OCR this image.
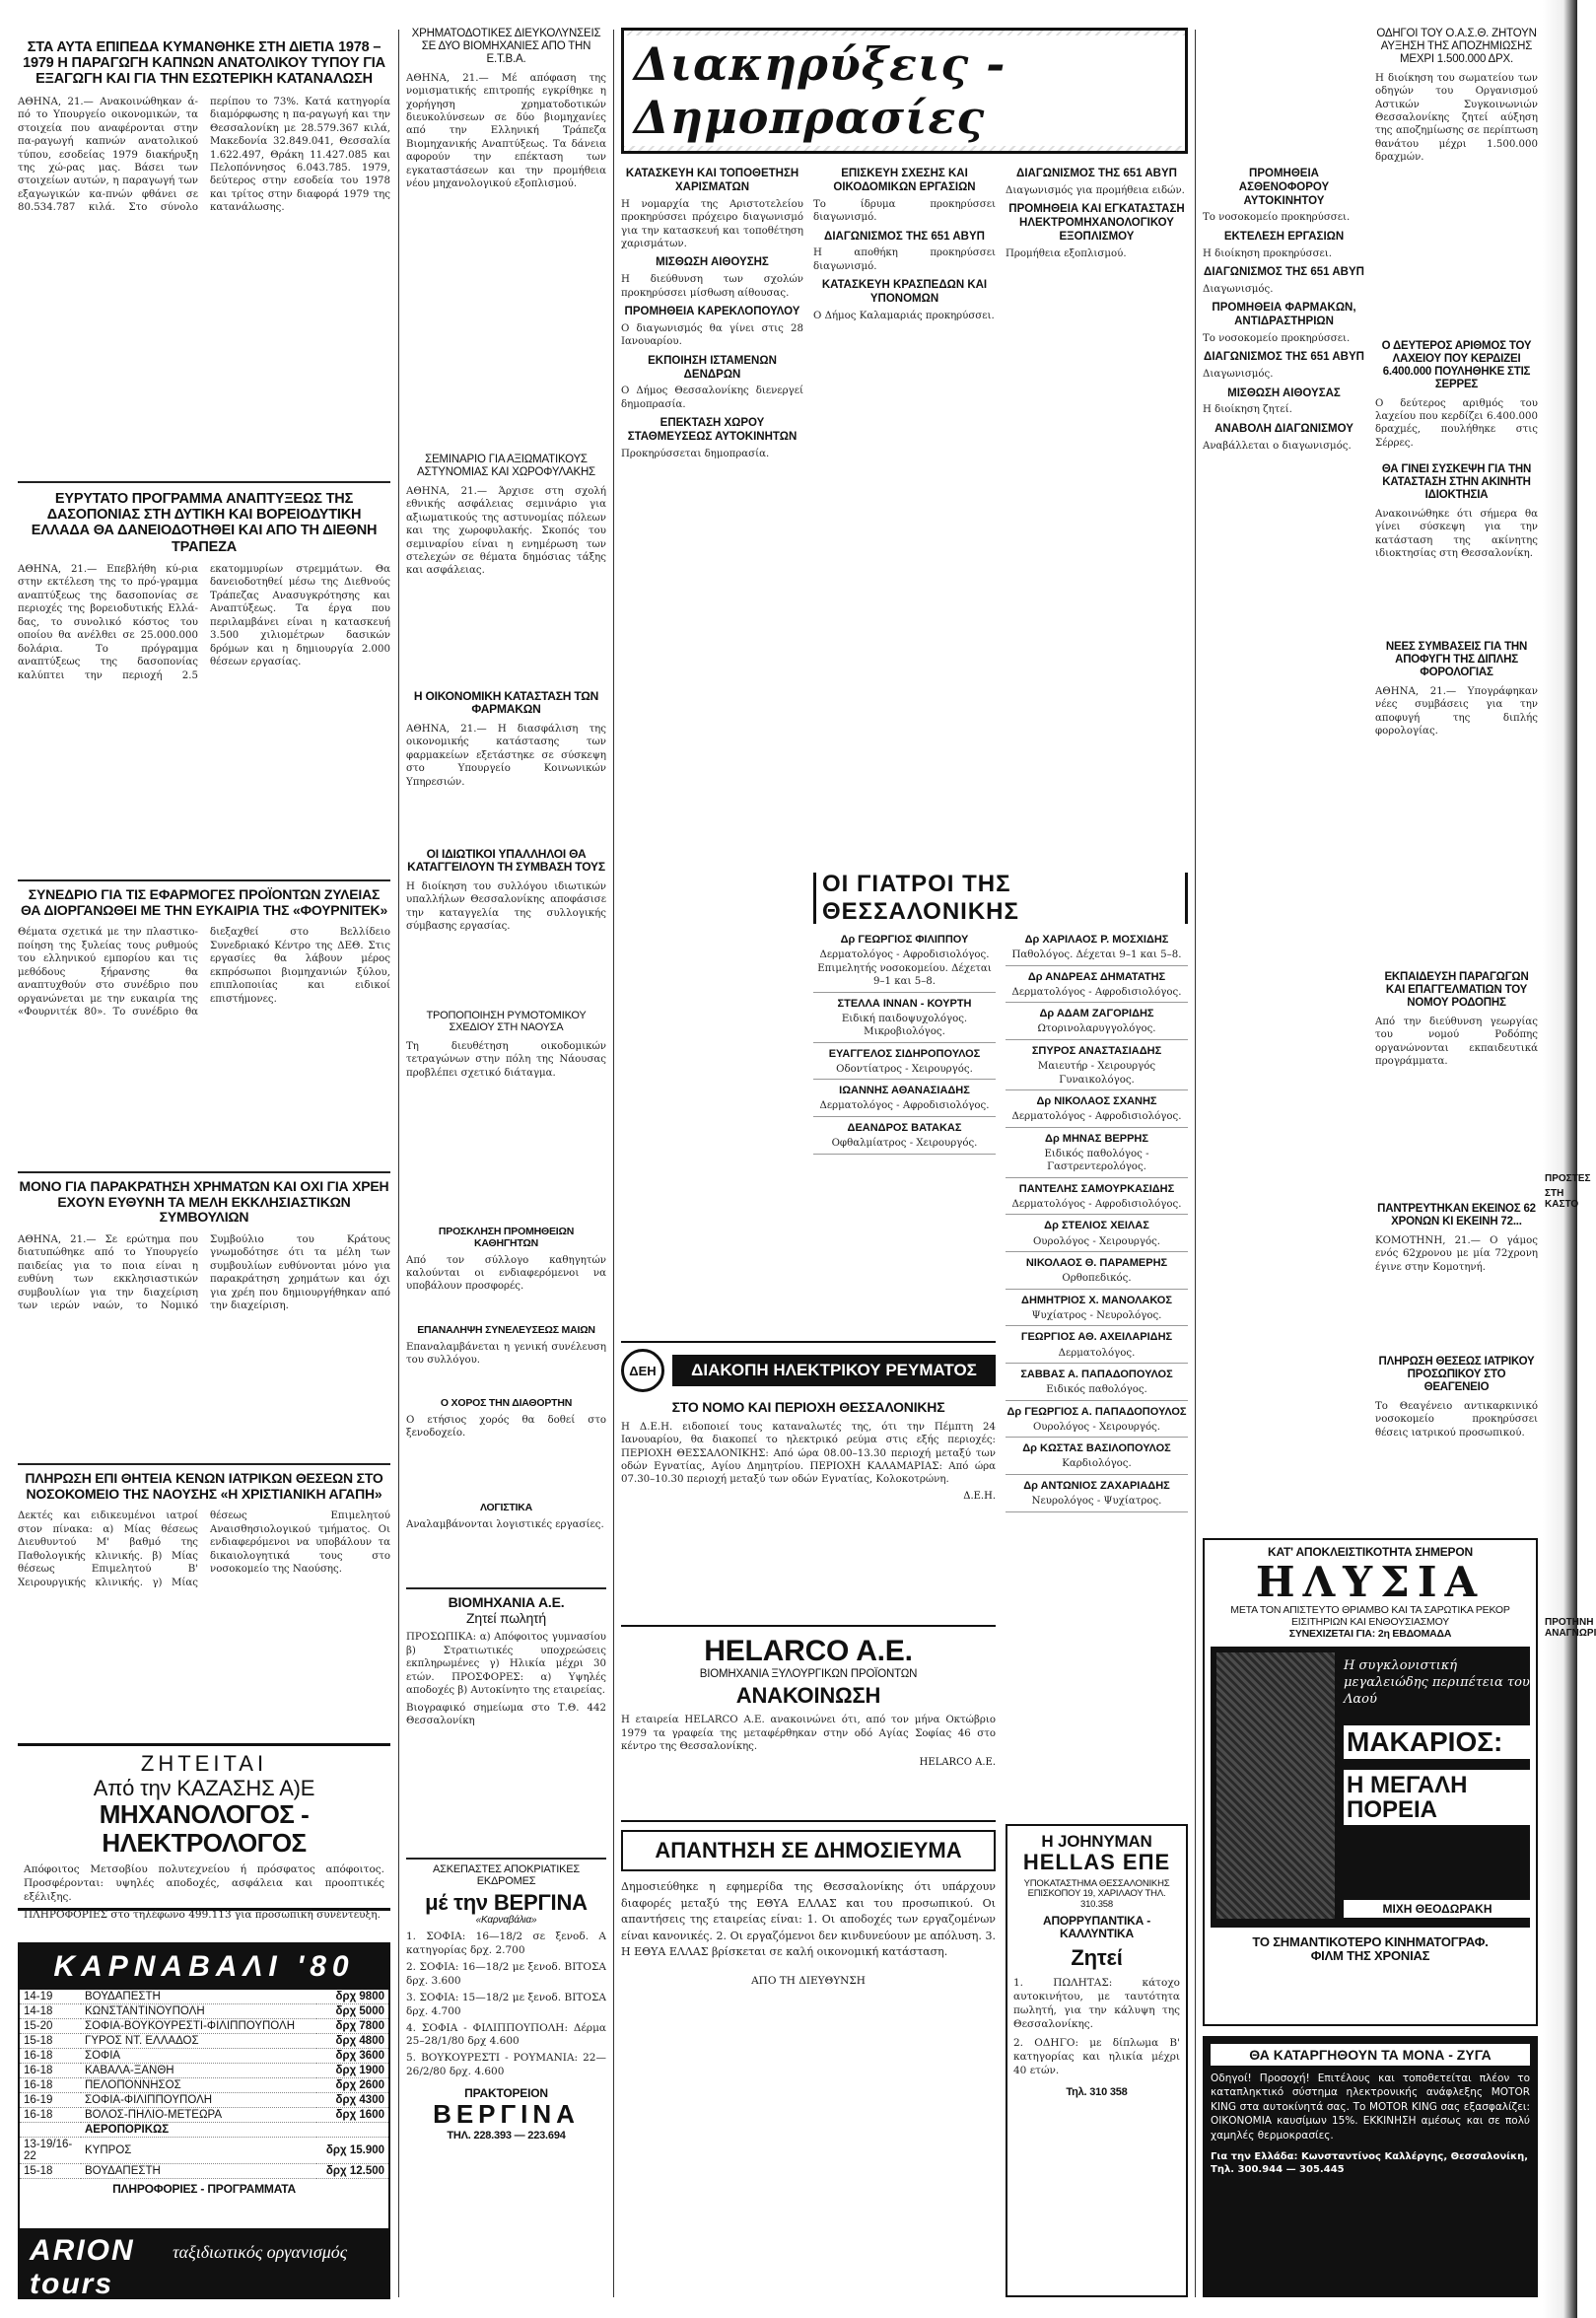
ΣΤΑ ΑΥΤΑ ΕΠΙΠΕΔΑ ΚΥΜΑΝΘΗΚΕ ΣΤΗ ΔΙΕΤΙΑ 1978 – 1979 Η ΠΑΡΑΓΩΓΗ ΚΑΠΝΩΝ ΑΝΑΤΟΛΙΚΟΥ ΤΥΠΟΥ ΓΙΑ ΕΞΑΓΩΓΗ ΚΑΙ ΓΙΑ ΤΗΝ ΕΣΩΤΕΡΙΚΗ ΚΑΤΑΝΑΛΩΣΗ
ΑΘΗΝΑ, 21.— Ανακοινώθηκαν ά-πό το Υπουργείο οικονομικών, τα στοιχεία που αναφέρονται στην πα-ραγωγή καπνών ανατολικού τύπου, εσοδείας 1979 διακήρυξη της χώ-ρας μας. Βάσει των στοιχείων αυτών, η παραγωγή των εξαγωγικών κα-πνών φθάνει σε 80.534.787 κιλά. Στο σύνολο περίπου το 73%. Κατά κατηγορία διαμόρφωσης η πα-ραγωγή και την Θεσσαλονίκη με 28.579.367 κιλά, Μακεδονία 32.849.041, Θεσσαλία 1.622.497, Θράκη 11.427.085 και Πελοπόννησος 6.043.785. 1979, δεύτερος στην εσοδεία του 1978 και τρίτος στην διαφορά 1979 της κατανάλωσης.
ΕΥΡΥΤΑΤΟ ΠΡΟΓΡΑΜΜΑ ΑΝΑΠΤΥΞΕΩΣ ΤΗΣ ΔΑΣΟΠΟΝΙΑΣ ΣΤΗ ΔΥΤΙΚΗ ΚΑΙ ΒΟΡΕΙΟΔΥΤΙΚΗ ΕΛΛΑΔΑ ΘΑ ΔΑΝΕΙΟΔΟΤΗΘΕΙ ΚΑΙ ΑΠΟ ΤΗ ΔΙΕΘΝΗ ΤΡΑΠΕΖΑ
ΑΘΗΝΑ, 21.— Επεβλήθη κύ-ρια στην εκτέλεση της το πρό-γραμμα αναπτύξεως της δασοπονίας σε περιοχές της βορειοδυτικής Ελλά-δας, το συνολικό κόστος του οποίου θα ανέλθει σε 25.000.000 δολάρια. Το πρόγραμμα αναπτύξεως της δασοπονίας καλύπτει την περιοχή 2.5 εκατομμυρίων στρεμμάτων. Θα δανειοδοτηθεί μέσω της Διεθνούς Τράπεζας Ανασυγκρότησης και Αναπτύξεως. Τα έργα που περιλαμβάνει είναι η κατασκευή 3.500 χιλιομέτρων δασικών δρόμων και η δημιουργία 2.000 θέσεων εργασίας.
ΣΥΝΕΔΡΙΟ ΓΙΑ ΤΙΣ ΕΦΑΡΜΟΓΕΣ ΠΡΟΪΟΝΤΩΝ ΖΥΛΕΙΑΣ ΘΑ ΔΙΟΡΓΑΝΩΘΕΙ ΜΕ ΤΗΝ ΕΥΚΑΙΡΙΑ ΤΗΣ «ΦΟΥΡΝΙΤΕΚ»
Θέματα σχετικά με την πλαστικο-ποίηση της ξυλείας τους ρυθμούς του ελληνικού εμπορίου και τις μεθόδους ξήρανσης θα αναπτυχθούν στο συνέδριο που οργανώνεται με την ευκαιρία της «Φουρνιτέκ 80». Το συνέδριο θα διεξαχθεί στο Βελλίδειο Συνεδριακό Κέντρο της ΔΕΘ. Στις εργασίες θα λάβουν μέρος εκπρόσωποι βιομηχανιών ξύλου, επιπλοποιίας και ειδικοί επιστήμονες.
ΜΟΝΟ ΓΙΑ ΠΑΡΑΚΡΑΤΗΣΗ ΧΡΗΜΑΤΩΝ ΚΑΙ ΟΧΙ ΓΙΑ ΧΡΕΗ ΕΧΟΥΝ ΕΥΘΥΝΗ ΤΑ ΜΕΛΗ ΕΚΚΛΗΣΙΑΣΤΙΚΩΝ ΣΥΜΒΟΥΛΙΩΝ
ΑΘΗΝΑ, 21.— Σε ερώτημα που διατυπώθηκε από το Υπουργείο παιδείας για το ποια είναι η ευθύνη των εκκλησιαστικών συμβουλίων για την διαχείριση των ιερών ναών, το Νομικό Συμβούλιο του Κράτους γνωμοδότησε ότι τα μέλη των συμβουλίων ευθύνονται μόνο για παρακράτηση χρημάτων και όχι για χρέη που δημιουργήθηκαν από την διαχείριση.
ΠΛΗΡΩΣΗ ΕΠΙ ΘΗΤΕΙΑ ΚΕΝΩΝ ΙΑΤΡΙΚΩΝ ΘΕΣΕΩΝ ΣΤΟ ΝΟΣΟΚΟΜΕΙΟ ΤΗΣ ΝΑΟΥΣΗΣ «Η ΧΡΙΣΤΙΑΝΙΚΗ ΑΓΑΠΗ»
Δεκτές και ειδικευμένοι ιατροί στον πίνακα: α) Μίας θέσεως Διευθυντού Μ' βαθμό της Παθολογικής κλινικής. β) Μίας θέσεως Επιμελητού Β' Χειρουργικής κλινικής. γ) Μίας θέσεως Επιμελητού Αναισθησιολογικού τμήματος. Οι ενδιαφερόμενοι να υποβάλουν τα δικαιολογητικά τους στο νοσοκομείο της Ναούσης.
ΖΗΤΕΙΤΑΙ
Από την ΚΑΖΑΣΗΣ Α)Ε
ΜΗΧΑΝΟΛΟΓΟΣ - ΗΛΕΚΤΡΟΛΟΓΟΣ
Απόφοιτος Μετσοβίου πολυτεχνείου ή πρόσφατος απόφοιτος. Προσφέρονται: υψηλές αποδοχές, ασφάλεια και προοπτικές εξέλιξης.
ΠΛΗΡΟΦΟΡΙΕΣ στο τηλέφωνο 499.113 για προσωπική συνέντευξη.
ΚΑΡΝΑΒΑΛΙ '80
14-19	ΒΟΥΔΑΠΕΣΤΗ	δρχ 9800
14-18	ΚΩΝΣΤΑΝΤΙΝΟΥΠΟΛΗ	δρχ 5000
15-20	ΣΟΦΙΑ-ΒΟΥΚΟΥΡΕΣΤΙ-ΦΙΛΙΠΠΟΥΠΟΛΗ	δρχ 7800
15-18	ΓΥΡΟΣ ΝΤ. ΕΛΛΑΔΟΣ	δρχ 4800
16-18	ΣΟΦΙΑ	δρχ 3600
16-18	ΚΑΒΑΛΑ-ΞΑΝΘΗ	δρχ 1900
16-18	ΠΕΛΟΠΟΝΝΗΣΟΣ	δρχ 2600
16-19	ΣΟΦΙΑ-ΦΙΛΙΠΠΟΥΠΟΛΗ	δρχ 4300
16-18	ΒΟΛΟΣ-ΠΗΛΙΟ-ΜΕΤΕΩΡΑ	δρχ 1600
	ΑΕΡΟΠΟΡΙΚΩΣ	
13-19/16-22	ΚΥΠΡΟΣ	δρχ 15.900
15-18	ΒΟΥΔΑΠΕΣΤΗ	δρχ 12.500
ΠΛΗΡΟΦΟΡΙΕΣ - ΠΡΟΓΡΑΜΜΑΤΑ
ARION tours ταξιδιωτικός οργανισμός
ΑΡΙΣΤΟΤΕΛΟΥΣ 6, ΘΕΣΣΑΛΟΝΙΚΗ - ΤΗΛ. 273145 - 206.670
ΧΡΗΜΑΤΟΔΟΤΙΚΕΣ ΔΙΕΥΚΟΛΥΝΣΕΙΣ ΣΕ ΔΥΟ ΒΙΟΜΗΧΑΝΙΕΣ ΑΠΟ ΤΗΝ Ε.Τ.Β.Α.
ΑΘΗΝΑ, 21.— Μέ απόφαση της νομισματικής επιτροπής εγκρίθηκε η χορήγηση χρηματοδοτικών διευκολύνσεων σε δύο βιομηχανίες από την Ελληνική Τράπεζα Βιομηχανικής Αναπτύξεως. Τα δάνεια αφορούν την επέκταση των εγκαταστάσεων και την προμήθεια νέου μηχανολογικού εξοπλισμού.
ΣΕΜΙΝΑΡΙΟ ΓΙΑ ΑΞΙΩΜΑΤΙΚΟΥΣ ΑΣΤΥΝΟΜΙΑΣ ΚΑΙ ΧΩΡΟΦΥΛΑΚΗΣ
ΑΘΗΝΑ, 21.— Άρχισε στη σχολή εθνικής ασφάλειας σεμινάριο για αξιωματικούς της αστυνομίας πόλεων και της χωροφυλακής. Σκοπός του σεμιναρίου είναι η ενημέρωση των στελεχών σε θέματα δημόσιας τάξης και ασφάλειας.
Η ΟΙΚΟΝΟΜΙΚΗ ΚΑΤΑΣΤΑΣΗ ΤΩΝ ΦΑΡΜΑΚΩΝ
ΑΘΗΝΑ, 21.— Η διασφάλιση της οικονομικής κατάστασης των φαρμακείων εξετάστηκε σε σύσκεψη στο Υπουργείο Κοινωνικών Υπηρεσιών.
ΟΙ ΙΔΙΩΤΙΚΟΙ ΥΠΑΛΛΗΛΟΙ ΘΑ ΚΑΤΑΓΓΕΙΛΟΥΝ ΤΗ ΣΥΜΒΑΣΗ ΤΟΥΣ
Η διοίκηση του συλλόγου ιδιωτικών υπαλλήλων Θεσσαλονίκης αποφάσισε την καταγγελία της συλλογικής σύμβασης εργασίας.
ΤΡΟΠΟΠΟΙΗΣΗ ΡΥΜΟΤΟΜΙΚΟΥ ΣΧΕΔΙΟΥ ΣΤΗ ΝΑΟΥΣΑ
Τη διευθέτηση οικοδομικών τετραγώνων στην πόλη της Νάουσας προβλέπει σχετικό διάταγμα.
ΠΡΟΣΚΛΗΣΗ ΠΡΟΜΗΘΕΙΩΝ ΚΑΘΗΓΗΤΩΝ
Από τον σύλλογο καθηγητών καλούνται οι ενδιαφερόμενοι να υποβάλουν προσφορές.
ΕΠΑΝΑΛΗΨΗ ΣΥΝΕΛΕΥΣΕΩΣ ΜΑΙΩΝ
Επαναλαμβάνεται η γενική συνέλευση του συλλόγου.
Ο ΧΟΡΟΣ ΤΗΝ ΔΙΑΘΟΡΤΗΝ
Ο ετήσιος χορός θα δοθεί στο ξενοδοχείο.
ΛΟΓΙΣΤΙΚΑ
Αναλαμβάνονται λογιστικές εργασίες.
ΒΙΟΜΗΧΑΝΙΑ Α.Ε.
Ζητεί πωλητή
ΠΡΟΣΩΠΙΚΑ: α) Απόφοιτος γυμνασίου β) Στρατιωτικές υποχρεώσεις εκπληρωμένες γ) Ηλικία μέχρι 30 ετών. ΠΡΟΣΦΟΡΕΣ: α) Υψηλές αποδοχές β) Αυτοκίνητο της εταιρείας.
Βιογραφικό σημείωμα στο Τ.Θ. 442 Θεσσαλονίκη
ΑΣΚΕΠΑΣΤΕΣ ΑΠΟΚΡΙΑΤΙΚΕΣ ΕΚΔΡΟΜΕΣ
μέ την ΒΕΡΓΙΝΑ
«Καρναβάλια»
1. ΣΟΦΙΑ: 16—18/2 σε ξενοδ. Α κατηγορίας δρχ. 2.700
2. ΣΟΦΙΑ: 16—18/2 με ξενοδ. ΒΙΤΟΣΑ δρχ. 3.600
3. ΣΟΦΙΑ: 15—18/2 με ξενοδ. ΒΙΤΟΣΑ δρχ. 4.700
4. ΣΟΦΙΑ - ΦΙΛΙΠΠΟΥΠΟΛΗ: Δέρμα 25–28/1/80 δρχ 4.600
5. ΒΟΥΚΟΥΡΕΣΤΙ - ΡΟΥΜΑΝΙΑ: 22—26/2/80 δρχ. 4.600
ΠΡΑΚΤΟΡΕΙΟΝ
ΒΕΡΓΙΝΑ
ΤΗΛ. 228.393 — 223.694
Διακηρύξεις - Δημοπρασίες
ΚΑΤΑΣΚΕΥΗ ΚΑΙ ΤΟΠΟΘΕΤΗΣΗ ΧΑΡΙΣΜΑΤΩΝ
Η νομαρχία της Αριστοτελείου προκηρύσσει πρόχειρο διαγωνισμό για την κατασκευή και τοποθέτηση χαρισμάτων.
ΜΙΣΘΩΣΗ ΑΙΘΟΥΣΗΣ
Η διεύθυνση των σχολών προκηρύσσει μίσθωση αίθουσας.
ΠΡΟΜΗΘΕΙΑ ΚΑΡΕΚΛΟΠΟΥΛΟΥ
Ο διαγωνισμός θα γίνει στις 28 Ιανουαρίου.
ΕΚΠΟΙΗΣΗ ΙΣΤΑΜΕΝΩΝ ΔΕΝΔΡΩΝ
Ο Δήμος Θεσσαλονίκης διενεργεί δημοπρασία.
ΕΠΕΚΤΑΣΗ ΧΩΡΟΥ ΣΤΑΘΜΕΥΣΕΩΣ ΑΥΤΟΚΙΝΗΤΩΝ
Προκηρύσσεται δημοπρασία.
ΕΠΙΣΚΕΥΗ ΣΧΕΣΗΣ ΚΑΙ ΟΙΚΟΔΟΜΙΚΩΝ ΕΡΓΑΣΙΩΝ
Το ίδρυμα προκηρύσσει διαγωνισμό.
ΔΙΑΓΩΝΙΣΜΟΣ ΤΗΣ 651 ΑΒΥΠ
Η αποθήκη προκηρύσσει διαγωνισμό.
ΚΑΤΑΣΚΕΥΗ ΚΡΑΣΠΕΔΩΝ ΚΑΙ ΥΠΟΝΟΜΩΝ
Ο Δήμος Καλαμαριάς προκηρύσσει.
ΔΙΑΓΩΝΙΣΜΟΣ ΤΗΣ 651 ΑΒΥΠ
Διαγωνισμός για προμήθεια ειδών.
ΠΡΟΜΗΘΕΙΑ ΚΑΙ ΕΓΚΑΤΑΣΤΑΣΗ ΗΛΕΚΤΡΟΜΗΧΑΝΟΛΟΓΙΚΟΥ ΕΞΟΠΛΙΣΜΟΥ
Προμήθεια εξοπλισμού.
ΟΙ ΓΙΑΤΡΟΙ ΤΗΣ ΘΕΣΣΑΛΟΝΙΚΗΣ
Δρ ΓΕΩΡΓΙΟΣ ΦΙΛΙΠΠΟΥ
Δερματολόγος - Αφροδισιολόγος. Επιμελητής νοσοκομείου. Δέχεται 9–1 και 5–8.
ΣΤΕΛΛΑ ΙΝΝΑΝ - ΚΟΥΡΤΗ
Ειδική παιδοψυχολόγος. Μικροβιολόγος.
ΕΥΑΓΓΕΛΟΣ ΣΙΔΗΡΟΠΟΥΛΟΣ
Οδοντίατρος - Χειρουργός.
ΙΩΑΝΝΗΣ ΑΘΑΝΑΣΙΑΔΗΣ
Δερματολόγος - Αφροδισιολόγος.
ΔΕΑΝΔΡΟΣ ΒΑΤΑΚΑΣ
Οφθαλμίατρος - Χειρουργός.
Δρ ΧΑΡΙΛΑΟΣ Ρ. ΜΟΣΧΙΔΗΣ
Παθολόγος. Δέχεται 9–1 και 5–8.
Δρ ΑΝΔΡΕΑΣ ΔΗΜΑΤΑΤΗΣ
Δερματολόγος - Αφροδισιολόγος.
Δρ ΑΔΑΜ ΖΑΓΟΡΙΔΗΣ
Ωτορινολαρυγγολόγος.
ΣΠΥΡΟΣ ΑΝΑΣΤΑΣΙΑΔΗΣ
Μαιευτήρ - Χειρουργός Γυναικολόγος.
Δρ ΝΙΚΟΛΑΟΣ ΣΧΑΝΗΣ
Δερματολόγος - Αφροδισιολόγος.
Δρ ΜΗΝΑΣ ΒΕΡΡΗΣ
Ειδικός παθολόγος - Γαστρεντερολόγος.
ΠΑΝΤΕΛΗΣ ΣΑΜΟΥΡΚΑΣΙΔΗΣ
Δερματολόγος - Αφροδισιολόγος.
Δρ ΣΤΕΛΙΟΣ ΧΕΙΛΑΣ
Ουρολόγος - Χειρουργός.
ΝΙΚΟΛΑΟΣ Θ. ΠΑΡΑΜΕΡΗΣ
Ορθοπεδικός.
ΔΗΜΗΤΡΙΟΣ Χ. ΜΑΝΟΛΑΚΟΣ
Ψυχίατρος - Νευρολόγος.
ΓΕΩΡΓΙΟΣ ΑΘ. ΑΧΕΙΛΑΡΙΔΗΣ
Δερματολόγος.
ΣΑΒΒΑΣ Α. ΠΑΠΑΔΟΠΟΥΛΟΣ
Ειδικός παθολόγος.
Δρ ΓΕΩΡΓΙΟΣ Α. ΠΑΠΑΔΟΠΟΥΛΟΣ
Ουρολόγος - Χειρουργός.
Δρ ΚΩΣΤΑΣ ΒΑΣΙΛΟΠΟΥΛΟΣ
Καρδιολόγος.
Δρ ΑΝΤΩΝΙΟΣ ΖΑΧΑΡΙΑΔΗΣ
Νευρολόγος - Ψυχίατρος.
ΔΕΗ	ΔΙΑΚΟΠΗ ΗΛΕΚΤΡΙΚΟΥ ΡΕΥΜΑΤΟΣ
ΣΤΟ ΝΟΜΟ ΚΑΙ ΠΕΡΙΟΧΗ ΘΕΣΣΑΛΟΝΙΚΗΣ
Η Δ.Ε.Η. ειδοποιεί τους καταναλωτές της, ότι την Πέμπτη 24 Ιανουαρίου, θα διακοπεί το ηλεκτρικό ρεύμα στις εξής περιοχές: ΠΕΡΙΟΧΗ ΘΕΣΣΑΛΟΝΙΚΗΣ: Από ώρα 08.00–13.30 περιοχή μεταξύ των οδών Εγνατίας, Αγίου Δημητρίου. ΠΕΡΙΟΧΗ ΚΑΛΑΜΑΡΙΑΣ: Από ώρα 07.30–10.30 περιοχή μεταξύ των οδών Εγνατίας, Κολοκοτρώνη.
Δ.Ε.Η.
HELARCO A.E.
ΒΙΟΜΗΧΑΝΙΑ ΞΥΛΟΥΡΓΙΚΩΝ ΠΡΟΪΟΝΤΩΝ
ΑΝΑΚΟΙΝΩΣΗ
Η εταιρεία HELARCO A.E. ανακοινώνει ότι, από τον μήνα Οκτώβριο 1979 τα γραφεία της μεταφέρθηκαν στην οδό Αγίας Σοφίας 46 στο κέντρο της Θεσσαλονίκης.
HELARCO A.E.
ΑΠΑΝΤΗΣΗ ΣΕ ΔΗΜΟΣΙΕΥΜΑ
Δημοσιεύθηκε η εφημερίδα της Θεσσαλονίκης ότι υπάρχουν διαφορές μεταξύ της ΕΘΥΑ ΕΛΛΑΣ και του προσωπικού. Οι απαντήσεις της εταιρείας είναι: 1. Οι αποδοχές των εργαζομένων είναι κανονικές. 2. Οι εργαζόμενοι δεν κινδυνεύουν με απόλυση. 3. Η ΕΘΥΑ ΕΛΛΑΣ βρίσκεται σε καλή οικονομική κατάσταση.
ΑΠΟ ΤΗ ΔΙΕΥΘΥΝΣΗ
Η JOHNYMAN
HELLAS ΕΠΕ
ΥΠΟΚΑΤΑΣΤΗΜΑ ΘΕΣΣΑΛΟΝΙΚΗΣ ΕΠΙΣΚΟΠΟΥ 19, ΧΑΡΙΛΑΟΥ ΤΗΛ. 310.358
ΑΠΟΡΡΥΠΑΝΤΙΚΑ - ΚΑΛΛΥΝΤΙΚΑ
Ζητεί
1. ΠΩΛΗΤΑΣ: κάτοχο αυτοκινήτου, με ταυτότητα πωλητή, για την κάλυψη της Θεσσαλονίκης.
2. ΟΔΗΓΟ: με δίπλωμα Β' κατηγορίας και ηλικία μέχρι 40 ετών.
Τηλ. 310 358
ΠΡΟΜΗΘΕΙΑ ΑΣΘΕΝΟΦΟΡΟΥ ΑΥΤΟΚΙΝΗΤΟΥ
Το νοσοκομείο προκηρύσσει.
ΕΚΤΕΛΕΣΗ ΕΡΓΑΣΙΩΝ
Η διοίκηση προκηρύσσει.
ΔΙΑΓΩΝΙΣΜΟΣ ΤΗΣ 651 ΑΒΥΠ
Διαγωνισμός.
ΠΡΟΜΗΘΕΙΑ ΦΑΡΜΑΚΩΝ, ΑΝΤΙΔΡΑΣΤΗΡΙΩΝ
Το νοσοκομείο προκηρύσσει.
ΔΙΑΓΩΝΙΣΜΟΣ ΤΗΣ 651 ΑΒΥΠ
Διαγωνισμός.
ΜΙΣΘΩΣΗ ΑΙΘΟΥΣΑΣ
Η διοίκηση ζητεί.
ΑΝΑΒΟΛΗ ΔΙΑΓΩΝΙΣΜΟΥ
Αναβάλλεται ο διαγωνισμός.
ΟΔΗΓΟΙ ΤΟΥ Ο.Α.Σ.Θ. ΖΗΤΟΥΝ ΑΥΞΗΣΗ ΤΗΣ ΑΠΟΖΗΜΙΩΣΗΣ ΜΕΧΡΙ 1.500.000 ΔΡΧ.
Η διοίκηση του σωματείου των οδηγών του Οργανισμού Αστικών Συγκοινωνιών Θεσσαλονίκης ζητεί αύξηση της αποζημίωσης σε περίπτωση θανάτου μέχρι 1.500.000 δραχμών.
Ο ΔΕΥΤΕΡΟΣ ΑΡΙΘΜΟΣ ΤΟΥ ΛΑΧΕΙΟΥ ΠΟΥ ΚΕΡΔΙΖΕΙ 6.400.000 ΠΟΥΛΗΘΗΚΕ ΣΤΙΣ ΣΕΡΡΕΣ
Ο δεύτερος αριθμός του λαχείου που κερδίζει 6.400.000 δραχμές, πουλήθηκε στις Σέρρες.
ΘΑ ΓΙΝΕΙ ΣΥΣΚΕΨΗ ΓΙΑ ΤΗΝ ΚΑΤΑΣΤΑΣΗ ΣΤΗΝ ΑΚΙΝΗΤΗ ΙΔΙΟΚΤΗΣΙΑ
Ανακοινώθηκε ότι σήμερα θα γίνει σύσκεψη για την κατάσταση της ακίνητης ιδιοκτησίας στη Θεσσαλονίκη.
ΝΕΕΣ ΣΥΜΒΑΣΕΙΣ ΓΙΑ ΤΗΝ ΑΠΟΦΥΓΗ ΤΗΣ ΔΙΠΛΗΣ ΦΟΡΟΛΟΓΙΑΣ
ΑΘΗΝΑ, 21.— Υπογράφηκαν νέες συμβάσεις για την αποφυγή της διπλής φορολογίας.
ΕΚΠΑΙΔΕΥΣΗ ΠΑΡΑΓΩΓΩΝ ΚΑΙ ΕΠΑΓΓΕΛΜΑΤΙΩΝ ΤΟΥ ΝΟΜΟΥ ΡΟΔΟΠΗΣ
Από την διεύθυνση γεωργίας του νομού Ροδόπης οργανώνονται εκπαιδευτικά προγράμματα.
ΠΑΝΤΡΕΥΤΗΚΑΝ ΕΚΕΙΝΟΣ 62 ΧΡΟΝΩΝ ΚΙ ΕΚΕΙΝΗ 72...
ΚΟΜΟΤΗΝΗ, 21.— Ο γάμος ενός 62χρονου με μία 72χρονη έγινε στην Κομοτηνή.
ΠΛΗΡΩΣΗ ΘΕΣΕΩΣ ΙΑΤΡΙΚΟΥ ΠΡΟΣΩΠΙΚΟΥ ΣΤΟ ΘΕΑΓΕΝΕΙΟ
Το Θεαγένειο αντικαρκινικό νοσοκομείο προκηρύσσει θέσεις ιατρικού προσωπικού.
ΚΑΤ' ΑΠΟΚΛΕΙΣΤΙΚΟΤΗΤΑ ΣΗΜΕΡΟΝ
ΗΛΥΣΙΑ
ΜΕΤΑ ΤΟΝ ΑΠΙΣΤΕΥΤΟ ΘΡΙΑΜΒΟ ΚΑΙ ΤΑ ΣΑΡΩΤΙΚΑ ΡΕΚΟΡ ΕΙΣΙΤΗΡΙΩΝ ΚΑΙ ΕΝΘΟΥΣΙΑΣΜΟΥ
ΣΥΝΕΧΙΖΕΤΑΙ ΓΙΑ: 2η ΕΒΔΟΜΑΔΑ
Η συγκλονιστική μεγαλειώδης περιπέτεια του Λαού
ΜΑΚΑΡΙΟΣ:
Η ΜΕΓΑΛΗ ΠΟΡΕΙΑ
ΜΙΧΗ ΘΕΟΔΩΡΑΚΗ
ΤΟ ΣΗΜΑΝΤΙΚΟΤΕΡΟ ΚΙΝΗΜΑΤΟΓΡΑΦ.
ΦΙΛΜ ΤΗΣ ΧΡΟΝΙΑΣ
ΘΑ ΚΑΤΑΡΓΗΘΟΥΝ ΤΑ ΜΟΝΑ - ΖΥΓΑ
Οδηγοί! Προσοχή! Επιτέλους και τοποθετείται πλέον το καταπληκτικό σύστημα ηλεκτρονικής ανάφλεξης MOTOR KING στα αυτοκίνητά σας. Το MOTOR KING σας εξασφαλίζει: ΟΙΚΟΝΟΜΙΑ καυσίμων 15%. ΕΚΚΙΝΗΣΗ αμέσως και σε πολύ χαμηλές θερμοκρασίες.
Για την Ελλάδα: Κωνσταντίνος Καλλέργης, Θεσσαλονίκη, Τηλ. 300.944 — 305.445
ΠΡΟΣΤΕΣ
ΣΤΗ ΚΑΣΤΟ
ΠΡΟΤΗΝΗ ΑΝΑΓΝΩΡΙ
